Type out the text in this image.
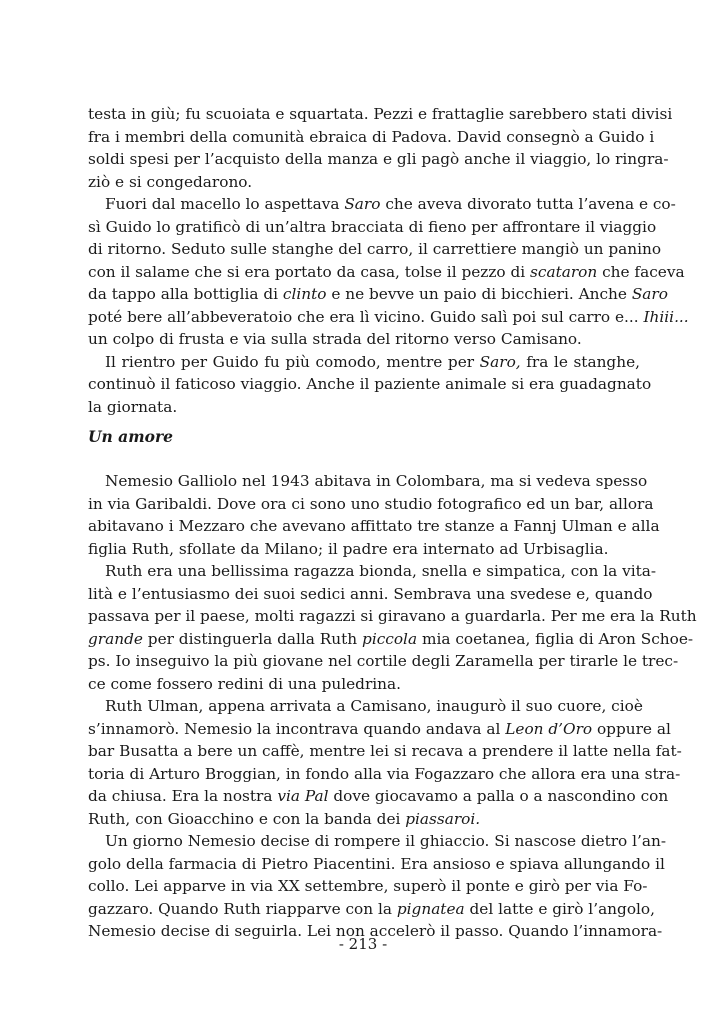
testa in giù; fu scuoiata e squartata. Pezzi e frattaglie sarebbero stati divisi
fra i membri della comunità ebraica di Padova. David consegnò a Guido i
soldi spesi per l’acquisto della manza e gli pagò anche il viaggio, lo ringra-
ziò e si congedarono.

Fuori dal macello lo aspettava Saro che aveva divorato tutta l’avena e co-
sì Guido lo gratificò di un’altra bracciata di fieno per affrontare il viaggio
di ritorno. Seduto sulle stanghe del carro, il carrettiere mangiò un panino
con il salame che si era portato da casa, tolse il pezzo di scataron che faceva
da tappo alla bottiglia di clinto e ne bevve un paio di bicchieri. Anche Saro
poté bere all’abbeveratoio che era lì vicino. Guido salì poi sul carro e... Ihiii...
un colpo di frusta e via sulla strada del ritorno verso Camisano.

Il rientro per Guido fu più comodo, mentre per Saro, fra le stanghe,
continuò il faticoso viaggio. Anche il paziente animale si era guadagnato
la giornata.

Un amore

Nemesio Galliolo nel 1943 abitava in Colombara, ma si vedeva spesso
in via Garibaldi. Dove ora ci sono uno studio fotografico ed un bar, allora
abitavano i Mezzaro che avevano affittato tre stanze a Fannj Ulman e alla
figlia Ruth, sfollate da Milano; il padre era internato ad Urbisaglia.

Ruth era una bellissima ragazza bionda, snella e simpatica, con la vita-
lità e l’entusiasmo dei suoi sedici anni. Sembrava una svedese e, quando
passava per il paese, molti ragazzi si giravano a guardarla. Per me era la Ruth
grande per distinguerla dalla Ruth piccola mia coetanea, figlia di Aron Schoe-
ps. Io inseguivo la più giovane nel cortile degli Zaramella per tirarle le trec-
ce come fossero redini di una puledrina.

Ruth Ulman, appena arrivata a Camisano, inaugurò il suo cuore, cioè
s’innamorò. Nemesio la incontrava quando andava al Leon d’Oro oppure al
bar Busatta a bere un caffè, mentre lei si recava a prendere il latte nella fat-
toria di Arturo Broggian, in fondo alla via Fogazzaro che allora era una stra-
da chiusa. Era la nostra via Pal dove giocavamo a palla o a nascondino con
Ruth, con Gioacchino e con la banda dei piassaroi.

Un giorno Nemesio decise di rompere il ghiaccio. Si nascose dietro l’an-
golo della farmacia di Pietro Piacentini. Era ansioso e spiava allungando il
collo. Lei apparve in via XX settembre, superò il ponte e girò per via Fo-
gazzaro. Quando Ruth riapparve con la pignatea del latte e girò l’angolo,
Nemesio decise di seguirla. Lei non accelerò il passo. Quando l’innamora-

- 213 -
